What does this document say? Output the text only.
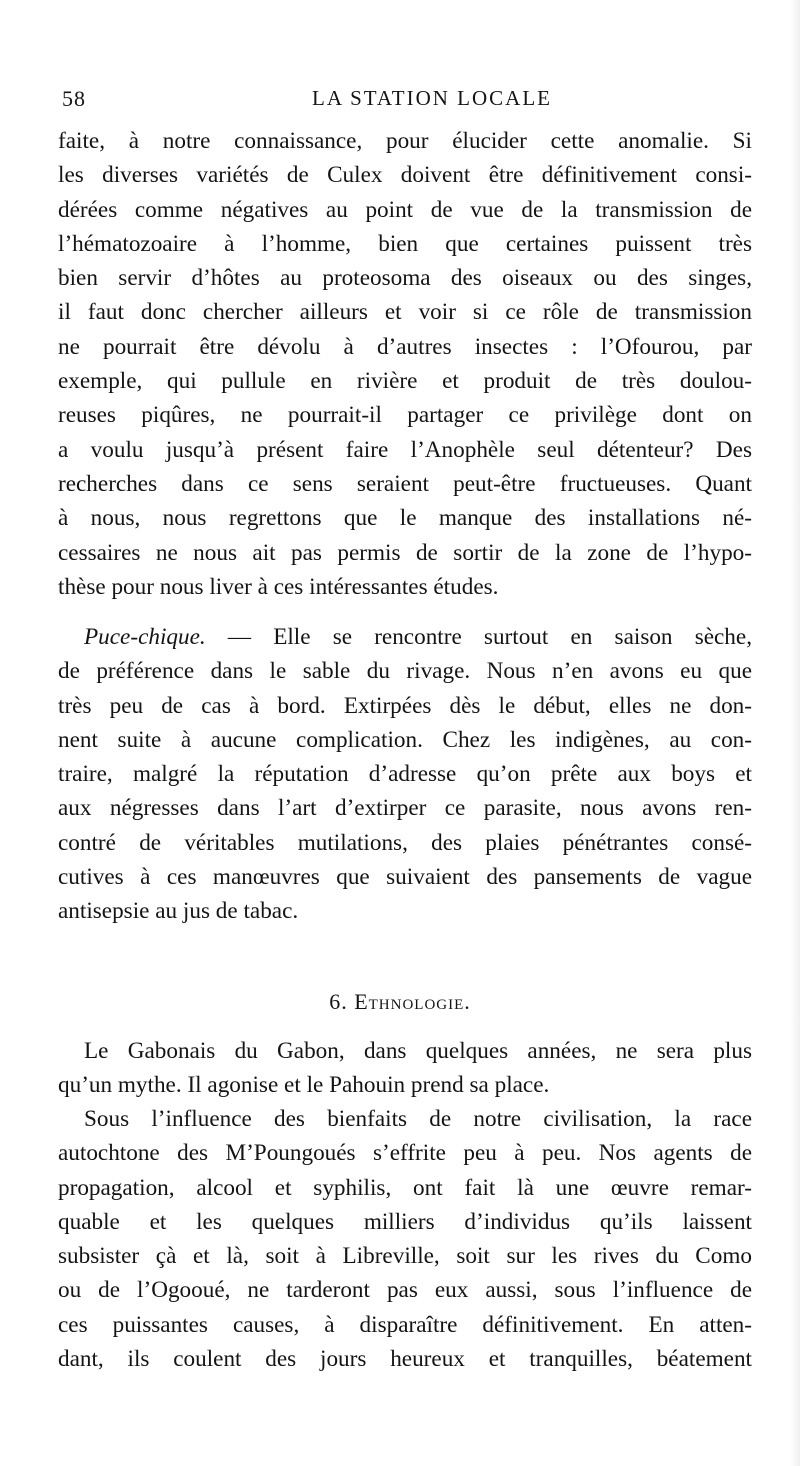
58	LA STATION LOCALE
faite, à notre connaissance, pour élucider cette anomalie. Si
les diverses variétés de Culex doivent être définitivement consi-
dérées comme négatives au point de vue de la transmission de
l’hématozoaire à l’homme, bien que certaines puissent très
bien servir d’hôtes au proteosoma des oiseaux ou des singes,
il faut donc chercher ailleurs et voir si ce rôle de transmission
ne pourrait être dévolu à d’autres insectes : l’Ofourou, par
exemple, qui pullule en rivière et produit de très doulou-
reuses piqûres, ne pourrait-il partager ce privilège dont on
a voulu jusqu’à présent faire l’Anophèle seul détenteur? Des
recherches dans ce sens seraient peut-être fructueuses. Quant
à nous, nous regrettons que le manque des installations né-
cessaires ne nous ait pas permis de sortir de la zone de l’hypo-
thèse pour nous liver à ces intéressantes études.
Puce-chique. — Elle se rencontre surtout en saison sèche,
de préférence dans le sable du rivage. Nous n’en avons eu que
très peu de cas à bord. Extirpées dès le début, elles ne don-
nent suite à aucune complication. Chez les indigènes, au con-
traire, malgré la réputation d’adresse qu’on prête aux boys et
aux négresses dans l’art d’extirper ce parasite, nous avons ren-
contré de véritables mutilations, des plaies pénétrantes consé-
cutives à ces manœuvres que suivaient des pansements de vague
antisepsie au jus de tabac.
6. Ethnologie.
Le Gabonais du Gabon, dans quelques années, ne sera plus
qu’un mythe. Il agonise et le Pahouin prend sa place.
Sous l’influence des bienfaits de notre civilisation, la race
autochtone des M’Poungoués s’effrite peu à peu. Nos agents de
propagation, alcool et syphilis, ont fait là une œuvre remar-
quable et les quelques milliers d’individus qu’ils laissent
subsister çà et là, soit à Libreville, soit sur les rives du Como
ou de l’Ogooué, ne tarderont pas eux aussi, sous l’influence de
ces puissantes causes, à disparaître définitivement. En atten-
dant, ils coulent des jours heureux et tranquilles, béatement
